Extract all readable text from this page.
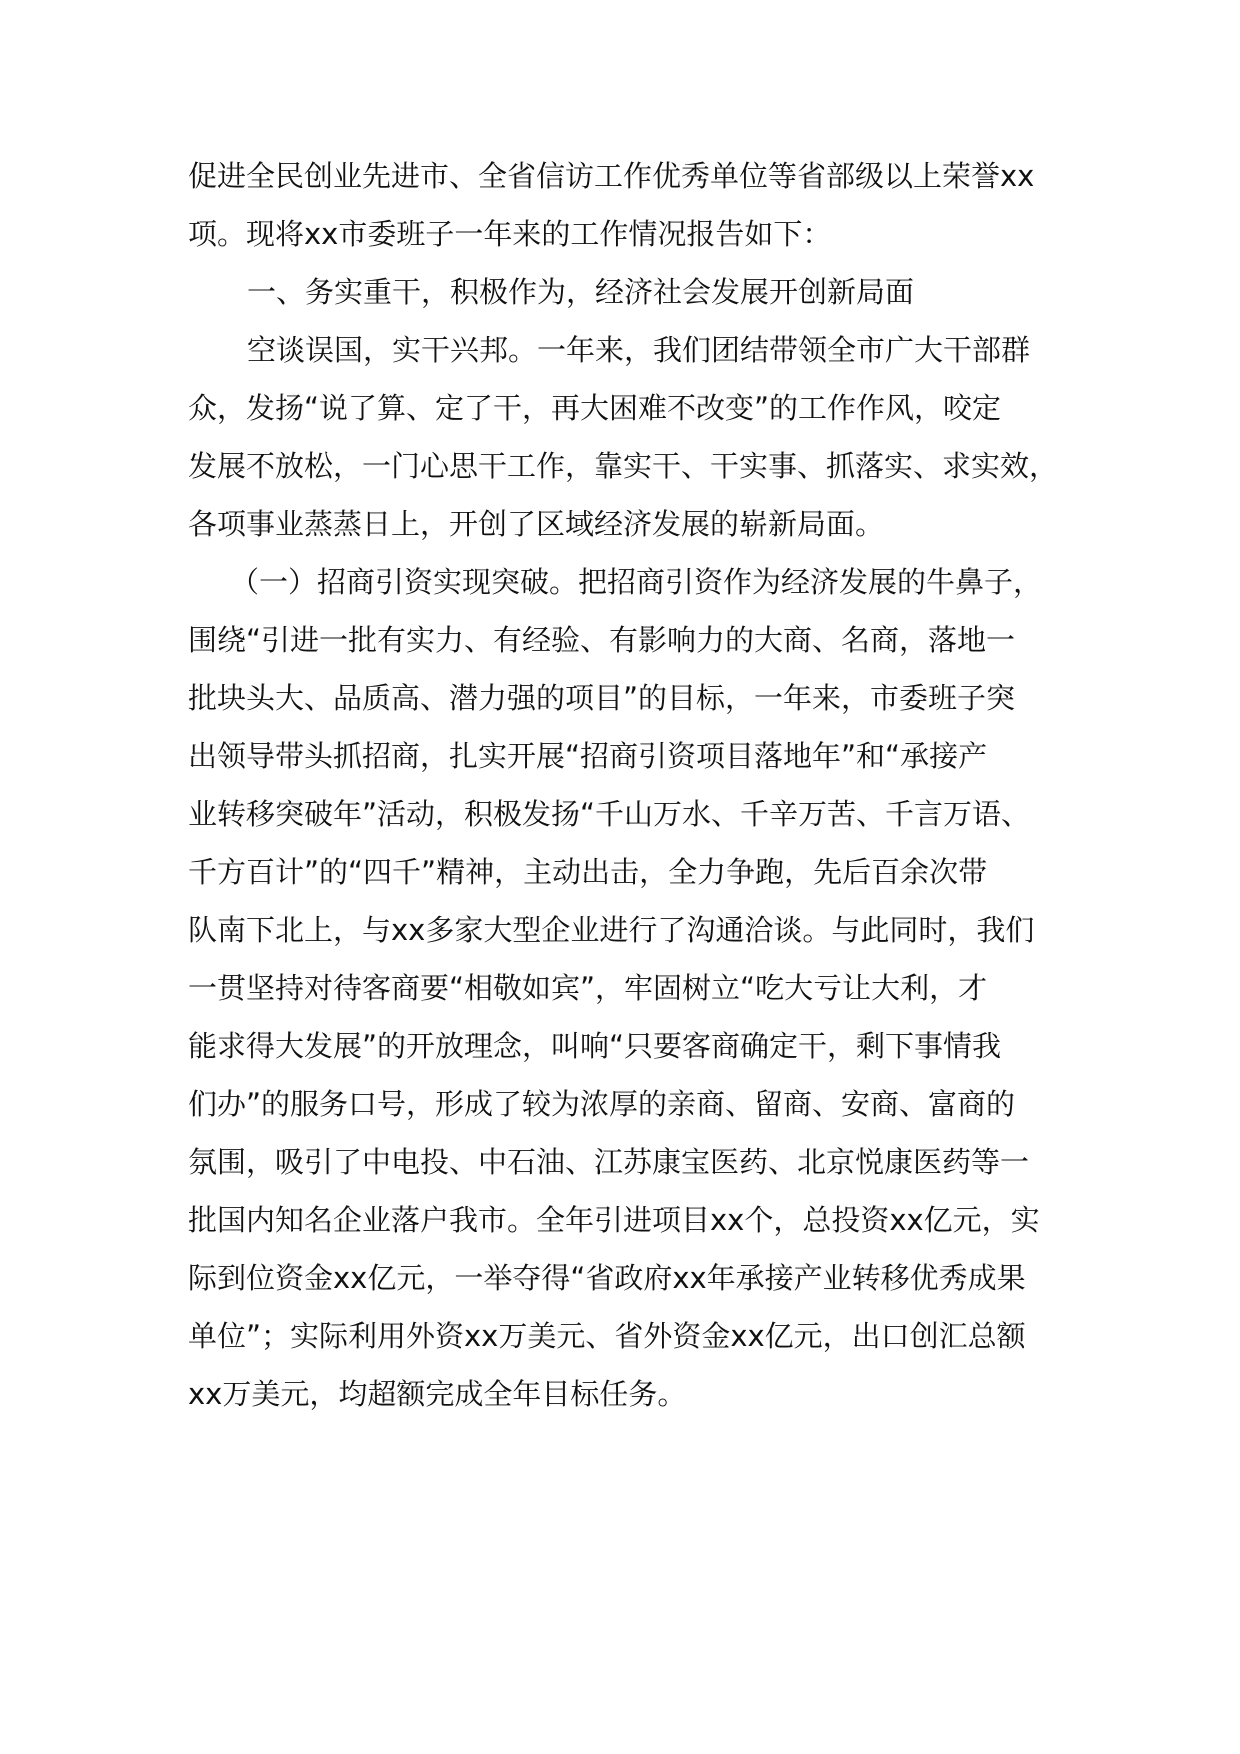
促进全民创业先进市、全省信访工作优秀单位等省部级以上荣誉xx
项。现将xx市委班子一年来的工作情况报告如下：
一、务实重干，积极作为，经济社会发展开创新局面
空谈误国，实干兴邦。一年来，我们团结带领全市广大干部群
众，发扬“说了算、定了干，再大困难不改变”的工作作风，咬定
发展不放松，一门心思干工作，靠实干、干实事、抓落实、求实效，
各项事业蒸蒸日上，开创了区域经济发展的崭新局面。
（一）招商引资实现突破。把招商引资作为经济发展的牛鼻子，
围绕“引进一批有实力、有经验、有影响力的大商、名商，落地一
批块头大、品质高、潜力强的项目”的目标，一年来，市委班子突
出领导带头抓招商，扎实开展“招商引资项目落地年”和“承接产
业转移突破年”活动，积极发扬“千山万水、千辛万苦、千言万语、
千方百计”的“四千”精神，主动出击，全力争跑，先后百余次带
队南下北上，与xx多家大型企业进行了沟通洽谈。与此同时，我们
一贯坚持对待客商要“相敬如宾”，牢固树立“吃大亏让大利，才
能求得大发展”的开放理念，叫响“只要客商确定干，剩下事情我
们办”的服务口号，形成了较为浓厚的亲商、留商、安商、富商的
氛围，吸引了中电投、中石油、江苏康宝医药、北京悦康医药等一
批国内知名企业落户我市。全年引进项目xx个，总投资xx亿元，实
际到位资金xx亿元，一举夺得“省政府xx年承接产业转移优秀成果
单位”；实际利用外资xx万美元、省外资金xx亿元，出口创汇总额
xx万美元，均超额完成全年目标任务。
